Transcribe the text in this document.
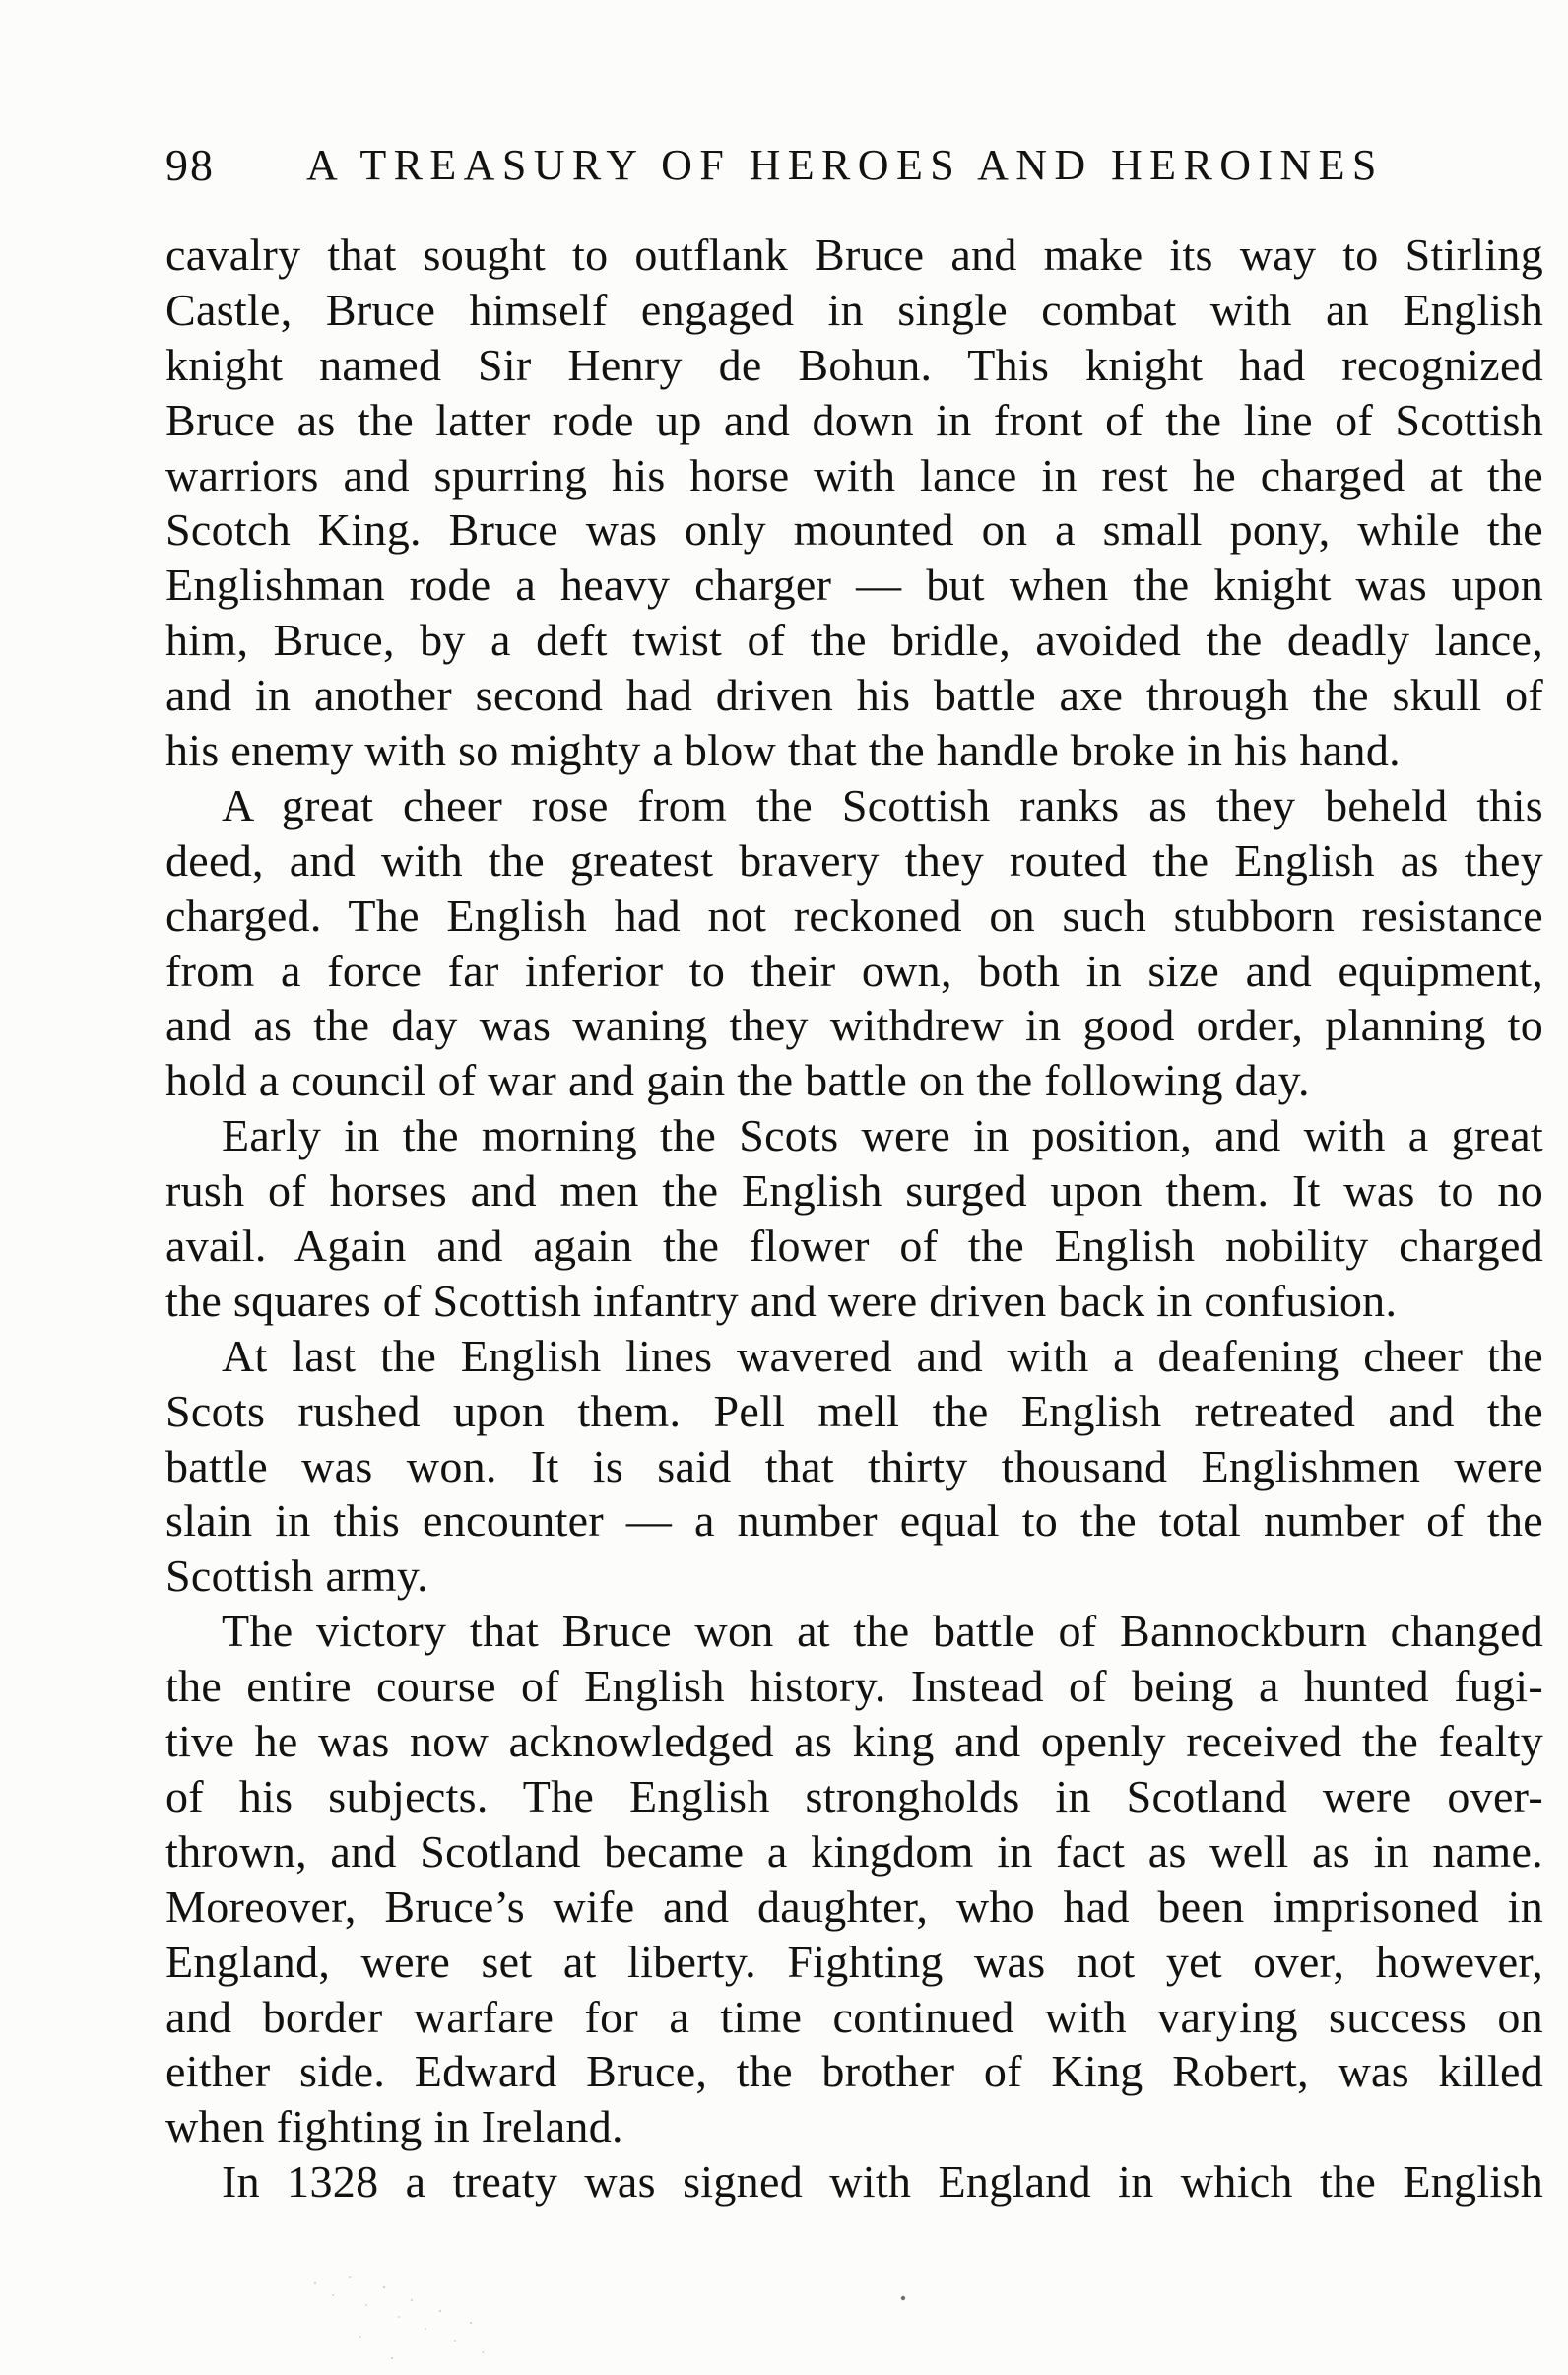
98 A TREASURY OF HEROES AND HEROINES
cavalry that sought to outflank Bruce and make its way to Stirling
Castle, Bruce himself engaged in single combat with an English
knight named Sir Henry de Bohun. This knight had recognized
Bruce as the latter rode up and down in front of the line of Scottish
warriors and spurring his horse with lance in rest he charged at the
Scotch King. Bruce was only mounted on a small pony, while the
Englishman rode a heavy charger — but when the knight was upon
him, Bruce, by a deft twist of the bridle, avoided the deadly lance,
and in another second had driven his battle axe through the skull of
his enemy with so mighty a blow that the handle broke in his hand.
A great cheer rose from the Scottish ranks as they beheld this
deed, and with the greatest bravery they routed the English as they
charged. The English had not reckoned on such stubborn resistance
from a force far inferior to their own, both in size and equipment,
and as the day was waning they withdrew in good order, planning to
hold a council of war and gain the battle on the following day.
Early in the morning the Scots were in position, and with a great
rush of horses and men the English surged upon them. It was to no
avail. Again and again the flower of the English nobility charged
the squares of Scottish infantry and were driven back in confusion.
At last the English lines wavered and with a deafening cheer the
Scots rushed upon them. Pell mell the English retreated and the
battle was won. It is said that thirty thousand Englishmen were
slain in this encounter — a number equal to the total number of the
Scottish army.
The victory that Bruce won at the battle of Bannockburn changed
the entire course of English history. Instead of being a hunted fugi-
tive he was now acknowledged as king and openly received the fealty
of his subjects. The English strongholds in Scotland were over-
thrown, and Scotland became a kingdom in fact as well as in name.
Moreover, Bruce’s wife and daughter, who had been imprisoned in
England, were set at liberty. Fighting was not yet over, however,
and border warfare for a time continued with varying success on
either side. Edward Bruce, the brother of King Robert, was killed
when fighting in Ireland.
In 1328 a treaty was signed with England in which the English
